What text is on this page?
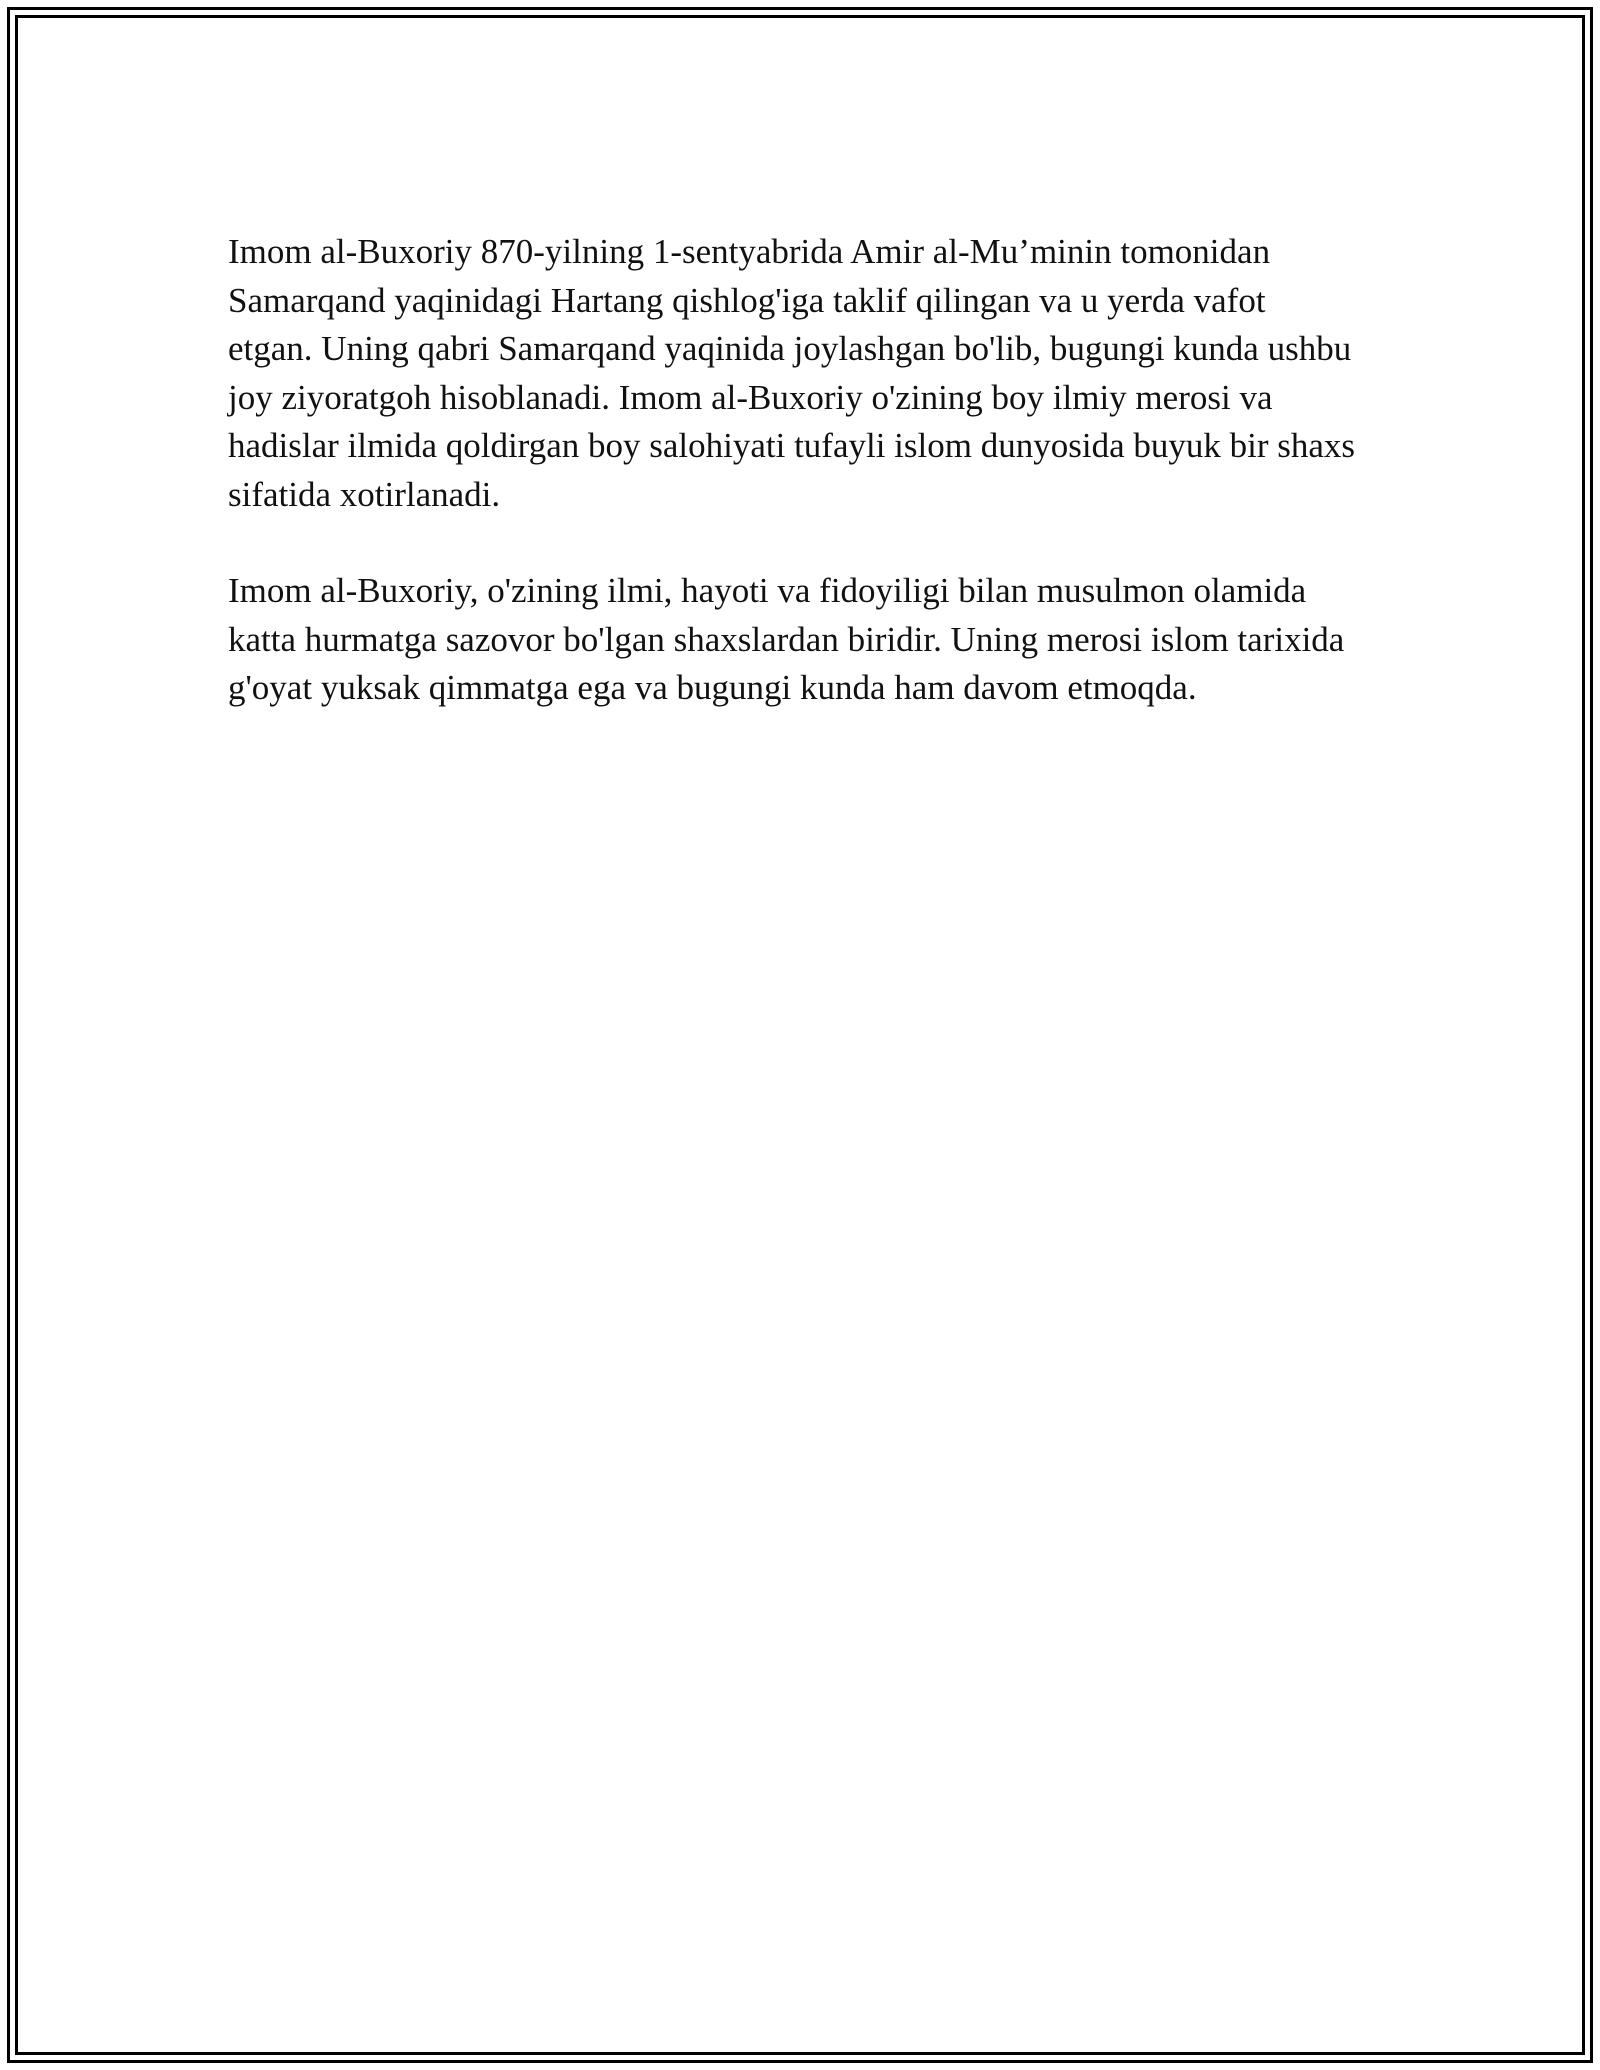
Imom al-Buxoriy 870-yilning 1-sentyabrida Amir al-Mu’minin tomonidan Samarqand yaqinidagi Hartang qishlog'iga taklif qilingan va u yerda vafot etgan. Uning qabri Samarqand yaqinida joylashgan bo'lib, bugungi kunda ushbu joy ziyoratgoh hisoblanadi. Imom al-Buxoriy o'zining boy ilmiy merosi va hadislar ilmida qoldirgan boy salohiyati tufayli islom dunyosida buyuk bir shaxs sifatida xotirlanadi.

Imom al-Buxoriy, o'zining ilmi, hayoti va fidoyiligi bilan musulmon olamida katta hurmatga sazovor bo'lgan shaxslardan biridir. Uning merosi islom tarixida g'oyat yuksak qimmatga ega va bugungi kunda ham davom etmoqda.
